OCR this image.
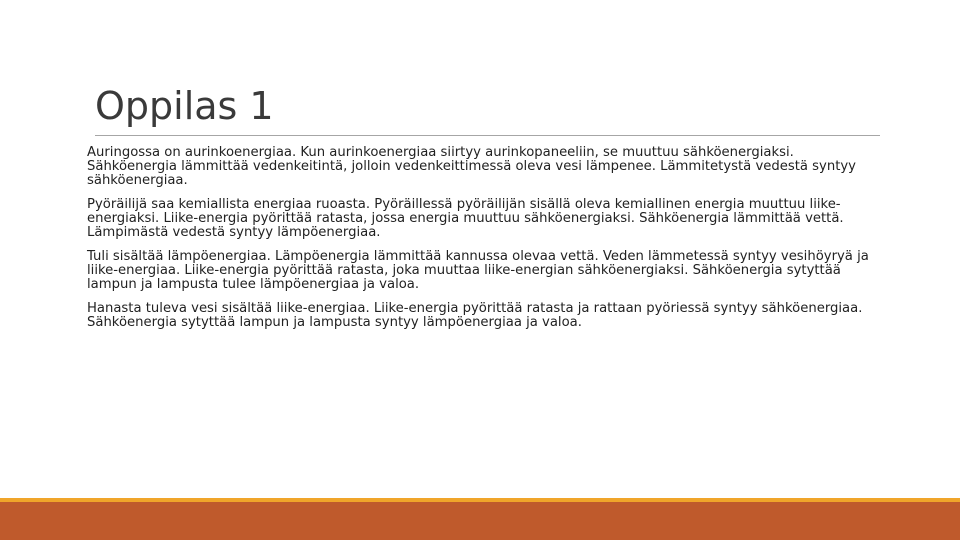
Oppilas 1

Auringossa on aurinkoenergiaa. Kun aurinkoenergiaa siirtyy aurinkopaneeliin, se muuttuu sähköenergiaksi. Sähköenergia lämmittää vedenkeitintä, jolloin vedenkeittimessä oleva vesi lämpenee. Lämmitetystä vedestä syntyy sähköenergiaa.

Pyöräilijä saa kemiallista energiaa ruoasta. Pyöräillessä pyöräilijän sisällä oleva kemiallinen energia muuttuu liike-energiaksi. Liike-energia pyörittää ratasta, jossa energia muuttuu sähköenergiaksi. Sähköenergia lämmittää vettä. Lämpimästä vedestä syntyy lämpöenergiaa.

Tuli sisältää lämpöenergiaa. Lämpöenergia lämmittää kannussa olevaa vettä. Veden lämmetessä syntyy vesihöyryä ja liike-energiaa. Liike-energia pyörittää ratasta, joka muuttaa liike-energian sähköenergiaksi. Sähköenergia sytyttää lampun ja lampusta tulee lämpöenergiaa ja valoa.

Hanasta tuleva vesi sisältää liike-energiaa. Liike-energia pyörittää ratasta ja rattaan pyöriessä syntyy sähköenergiaa. Sähköenergia sytyttää lampun ja lampusta syntyy lämpöenergiaa ja valoa.
